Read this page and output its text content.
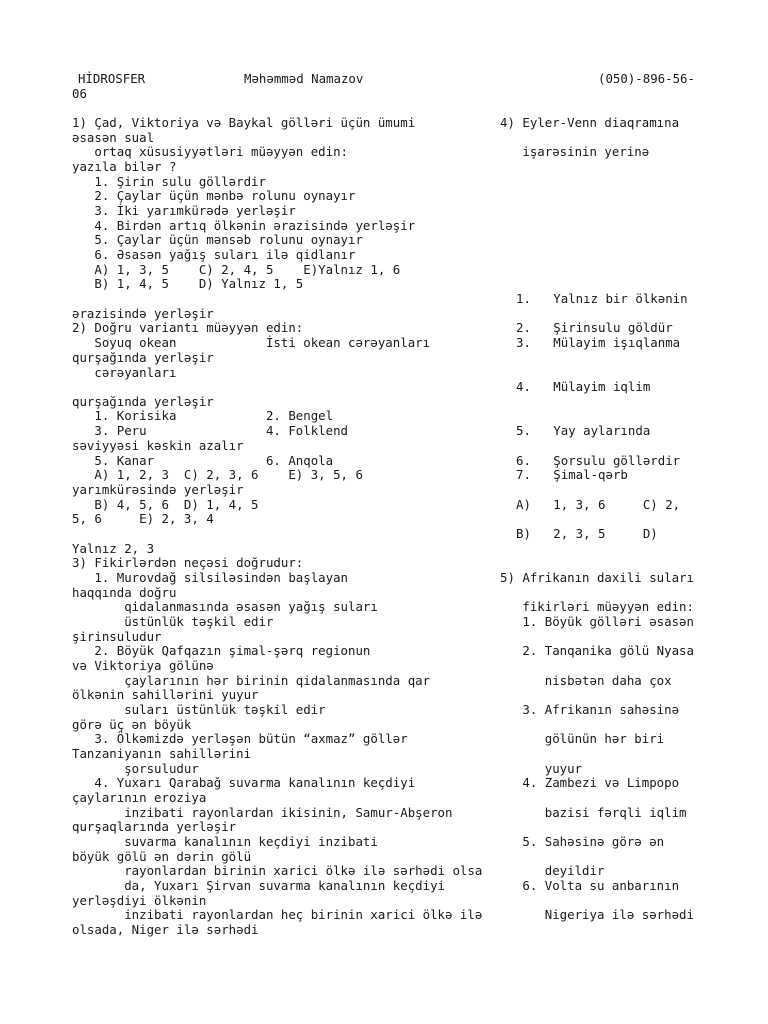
HİDROSFER	Məhəmməd Namazov	(050)-896-56-
06
1) Çad, Viktoriya və Baykal gölləri üçün ümumi
əsasən sual
ortaq xüsusiyyətləri müəyyən edin:
yazıla bilər ?
1. Şirin sulu göllərdir
2. Çaylar üçün mənbə rolunu oynayır
3. İki yarımkürədə yerləşir
4. Birdən artıq ölkənin ərazisində yerləşir
5. Çaylar üçün mənsəb rolunu oynayır
6. Əsasən yağış suları ilə qidlanır
A) 1, 3, 5    C) 2, 4, 5    E)Yalnız 1, 6
B) 1, 4, 5    D) Yalnız 1, 5
ərazisində yerləşir
2) Doğru variantı müəyyən edin:
Soyuq okean            İsti okean cərəyanları
qurşağında yerləşir
cərəyanları
qurşağında yerləşir
1. Korisika            2. Bengel
3. Peru                4. Folklend
səviyyəsi kəskin azalır
5. Kanar               6. Anqola
A) 1, 2, 3  C) 2, 3, 6    E) 3, 5, 6
yarımkürəsində yerləşir
B) 4, 5, 6  D) 1, 4, 5
5, 6     E) 2, 3, 4
Yalnız 2, 3
3) Fikirlərdən neçəsi doğrudur:
1. Murovdağ silsiləsindən başlayan
haqqında doğru
qidalanmasında əsasən yağış suları
üstünlük təşkil edir
şirinsuludur
2. Böyük Qafqazın şimal-şərq regionun
və Viktoriya gölünə
çaylarının hər birinin qidalanmasında qar
ölkənin sahillərini yuyur
suları üstünlük təşkil edir
görə üç ən böyük
3. Ölkəmizdə yerləşən bütün “axmaz” göllər
Tanzaniyanın sahillərini
şorsuludur
4. Yuxarı Qarabağ suvarma kanalının keçdiyi
çaylarının eroziya
inzibati rayonlardan ikisinin, Samur-Abşeron
qurşaqlarında yerləşir
suvarma kanalının keçdiyi inzibati
böyük gölü ən dərin gölü
rayonlardan birinin xarici ölkə ilə sərhədi olsa
da, Yuxarı Şirvan suvarma kanalının keçdiyi
yerləşdiyi ölkənin
inzibati rayonlardan heç birinin xarici ölkə ilə
olsada, Niger ilə sərhədi
4) Eyler-Venn diaqramına
işarəsinin yerinə
1.   Yalnız bir ölkənin
2.   Şirinsulu göldür
3.   Mülayim işıqlanma
4.   Mülayim iqlim
5.   Yay aylarında
6.   Şorsulu göllərdir
7.   Şimal-qərb
A)   1, 3, 6     C) 2,
B)   2, 3, 5     D)
5) Afrikanın daxili suları
fikirləri müəyyən edin:
1. Böyük gölləri əsasən
2. Tanqanika gölü Nyasa
nisbətən daha çox
3. Afrikanın sahəsinə
gölünün hər biri
yuyur
4. Zambezi və Limpopo
bazisi fərqli iqlim
5. Sahəsinə görə ən
deyildir
6. Volta su anbarının
Nigeriya ilə sərhədi
